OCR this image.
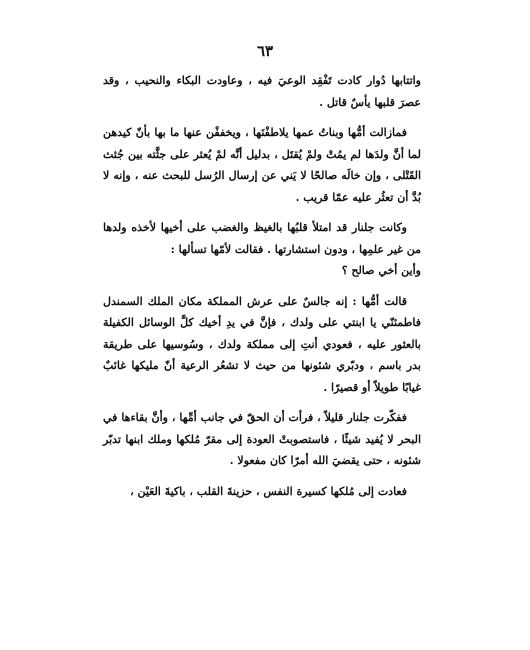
٦٣

واتتابها دُوار كادت تَفْقِد الوعيَ فيه ، وعاودت البكاء والنحيب ، وقد عصرَ قلبها يأسٌ قاتل .

فمازالت أمُّها وبناتُ عمها يلاطفْنَها ، ويخففْن عنها ما بها بأنّ كيدهن لما أنَّ ولدَها لم يمُتْ ولمْ يُقتَل ، بدليل أنَّه لمْ يُعثر على جثَّته بين جُثث القَتْلى ، وإن خالَه صالحًا لا يَني عن إرسال الرُسل للبحث عنه ، وإنه لا بُدَّ أن تعثُر عليه عمّا قريب .

وكانت جلنار قد امتلأ قلبُها بالغيظ والغضب على أخيها لأخذه ولدها من غير علمِها ، ودون استشارتها . فقالت لأمّها تسألها :

وأين أخي صالح ؟

قالت أمُّها : إنه جالسٌ على عرش المملكة مكان الملك السمندل فاطمئنّي يا ابنتي على ولدك ، فإنَّ في يدِ أخيك كلَّ الوسائل الكفيلة بالعثور عليه ، فعودي أنتِ إلى مملكة ولدك ، وسُوسيها على طريقة بدر باسم ، ودبّري شئونها من حيث لا تشعُر الرعية أنّ مليكها غائبٌ غيابًا طويلاً أو قصيرًا .

ففكّرت جلنار قليلاً ، فرأت أن الحقّ في جانب أمِّها ، وأنَّ بقاءها في البحر لا يُفيد شيئًا ، فاستصوبتْ العودة إلى مقرّ مُلكها وملك ابنها تدبّر شئونه ، حتى يقضيَ الله أمرًا كان مفعولا .

فعادت إلى مُلكها كسيرة النفس ، حزينةَ القلب ، باكيةَ العَيْن ،
